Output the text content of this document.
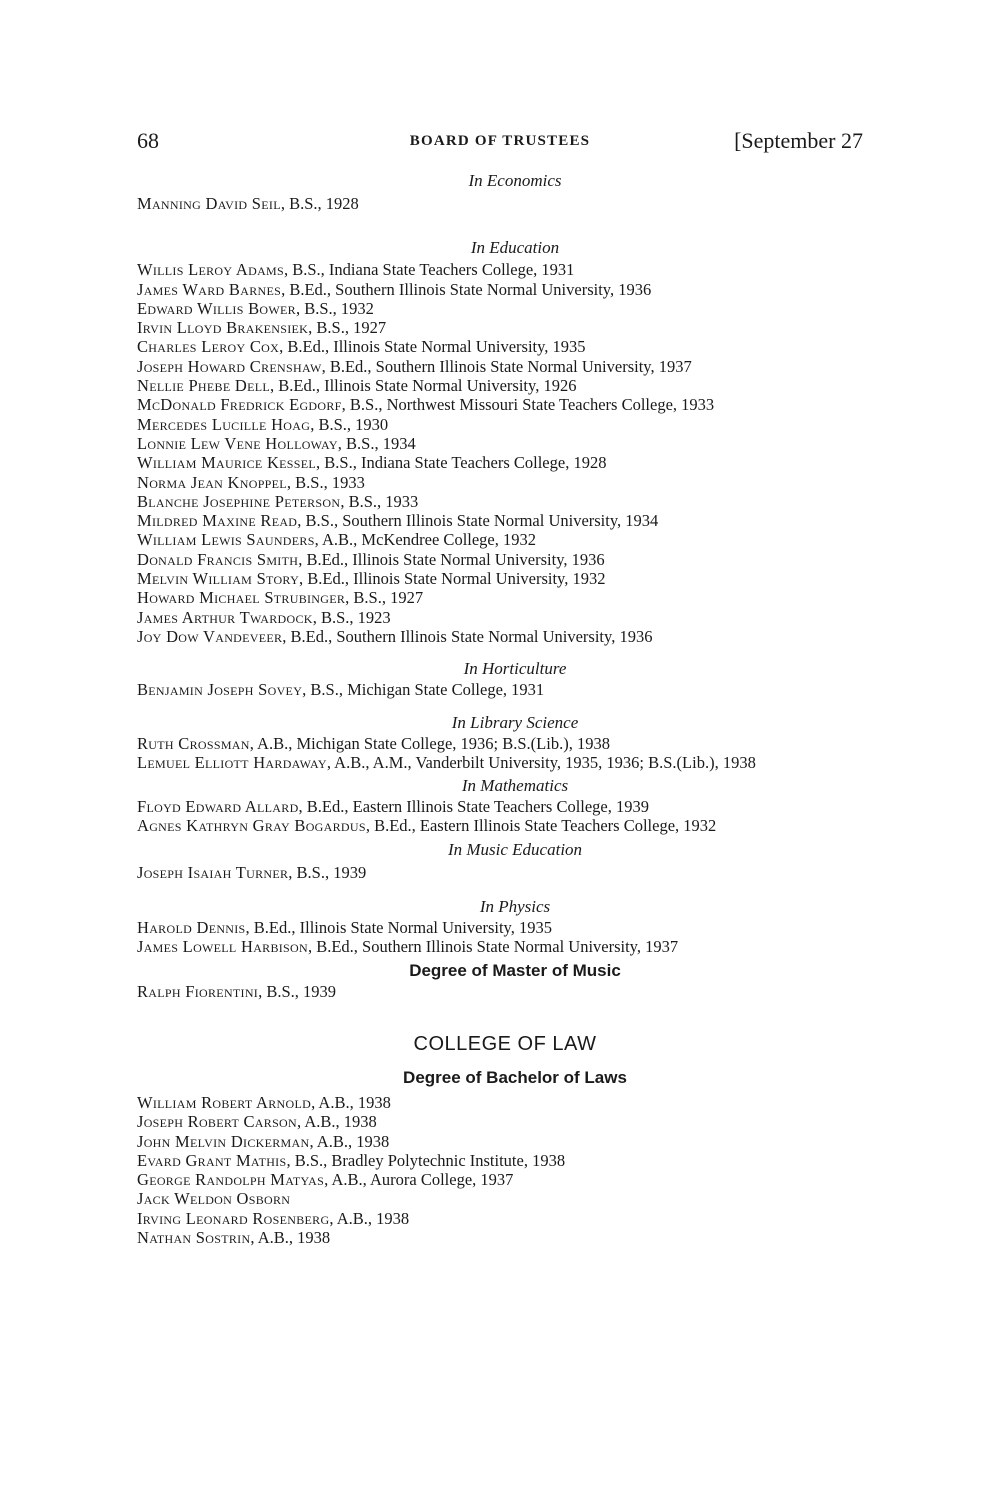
68	BOARD OF TRUSTEES	[September 27
In Economics

Manning David Seil, B.S., 1928

In Education

Willis Leroy Adams, B.S., Indiana State Teachers College, 1931

James Ward Barnes, B.Ed., Southern Illinois State Normal University, 1936

Edward Willis Bower, B.S., 1932

Irvin Lloyd Brakensiek, B.S., 1927

Charles Leroy Cox, B.Ed., Illinois State Normal University, 1935

Joseph Howard Crenshaw, B.Ed., Southern Illinois State Normal University, 1937

Nellie Phebe Dell, B.Ed., Illinois State Normal University, 1926

McDonald Fredrick Egdorf, B.S., Northwest Missouri State Teachers College, 1933

Mercedes Lucille Hoag, B.S., 1930

Lonnie Lew Vene Holloway, B.S., 1934

William Maurice Kessel, B.S., Indiana State Teachers College, 1928

Norma Jean Knoppel, B.S., 1933

Blanche Josephine Peterson, B.S., 1933

Mildred Maxine Read, B.S., Southern Illinois State Normal University, 1934

William Lewis Saunders, A.B., McKendree College, 1932

Donald Francis Smith, B.Ed., Illinois State Normal University, 1936

Melvin William Story, B.Ed., Illinois State Normal University, 1932

Howard Michael Strubinger, B.S., 1927

James Arthur Twardock, B.S., 1923

Joy Dow Vandeveer, B.Ed., Southern Illinois State Normal University, 1936

In Horticulture

Benjamin Joseph Sovey, B.S., Michigan State College, 1931

In Library Science

Ruth Crossman, A.B., Michigan State College, 1936; B.S.(Lib.), 1938

Lemuel Elliott Hardaway, A.B., A.M., Vanderbilt University, 1935, 1936; B.S.(Lib.), 1938

In Mathematics

Floyd Edward Allard, B.Ed., Eastern Illinois State Teachers College, 1939

Agnes Kathryn Gray Bogardus, B.Ed., Eastern Illinois State Teachers College, 1932

In Music Education

Joseph Isaiah Turner, B.S., 1939

In Physics

Harold Dennis, B.Ed., Illinois State Normal University, 1935

James Lowell Harbison, B.Ed., Southern Illinois State Normal University, 1937

Degree of Master of Music

Ralph Fiorentini, B.S., 1939

COLLEGE OF LAW
Degree of Bachelor of Laws

William Robert Arnold, A.B., 1938

Joseph Robert Carson, A.B., 1938

John Melvin Dickerman, A.B., 1938

Evard Grant Mathis, B.S., Bradley Polytechnic Institute, 1938

George Randolph Matyas, A.B., Aurora College, 1937

Jack Weldon Osborn

Irving Leonard Rosenberg, A.B., 1938

Nathan Sostrin, A.B., 1938
